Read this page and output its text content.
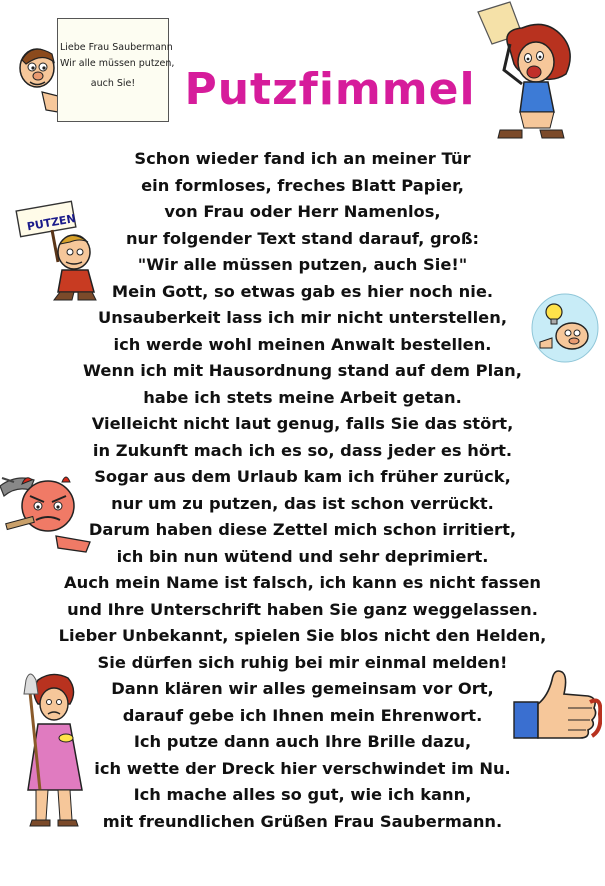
Liebe Frau Saubermann
Wir alle müssen putzen,
auch Sie!	Putzfimmel
PUTZEN
Schon wieder fand ich an meiner Tür
ein formloses, freches Blatt Papier,
von Frau oder Herr Namenlos,
nur folgender Text stand darauf, groß:
"Wir alle müssen putzen, auch Sie!"
Mein Gott, so etwas gab es hier noch nie.
Unsauberkeit lass ich mir nicht unterstellen,
ich werde wohl meinen Anwalt bestellen.
Wenn ich mit Hausordnung stand auf dem Plan,
habe ich stets meine Arbeit getan.
Vielleicht nicht laut genug, falls Sie das stört,
in Zukunft mach ich es so, dass jeder es hört.
Sogar aus dem Urlaub kam ich früher zurück,
nur um zu putzen, das ist schon verrückt.
Darum haben diese Zettel mich schon irritiert,
ich bin nun wütend und sehr deprimiert.
Auch mein Name ist falsch, ich kann es nicht fassen
und Ihre Unterschrift haben Sie ganz weggelassen.
Lieber Unbekannt, spielen Sie blos nicht den Helden,
Sie dürfen sich ruhig bei mir einmal melden!
Dann klären wir alles gemeinsam vor Ort,
darauf gebe ich Ihnen mein Ehrenwort.
Ich putze dann auch Ihre Brille dazu,
ich wette der Dreck hier verschwindet im Nu.
Ich mache alles so gut, wie ich kann,
mit freundlichen Grüßen Frau Saubermann.
